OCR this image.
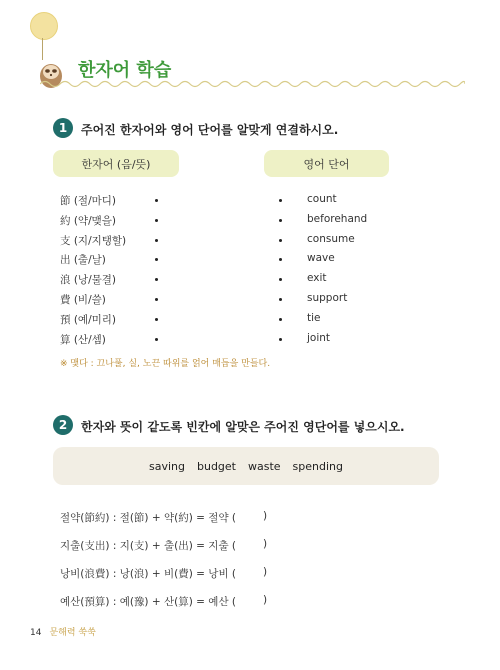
한자어 학습
1	주어진 한자어와 영어 단어를 알맞게 연결하시오.
한자어 (음/뜻)	영어 단어
節 (절/마디)	count
約 (약/맺을)	beforehand
支 (지/지탱할)	consume
出 (출/날)	wave
浪 (낭/물결)	exit
費 (비/쓸)	support
預 (예/미리)	tie
算 (산/셈)	joint
※ 맺다 : 끄나풀, 실, 노끈 따위를 얽어 매듭을 만들다.
2	한자와 뜻이 같도록 빈칸에 알맞은 주어진 영단어를 넣으시오.
saving budget waste spending
절약(節約) : 절(節) + 약(約) = 절약 (	)
지출(支出) : 지(支) + 출(出) = 지출 (	)
낭비(浪費) : 낭(浪) + 비(費) = 낭비 (	)
예산(預算) : 예(豫) + 산(算) = 예산 (	)
14 문해력 쑥쑥
